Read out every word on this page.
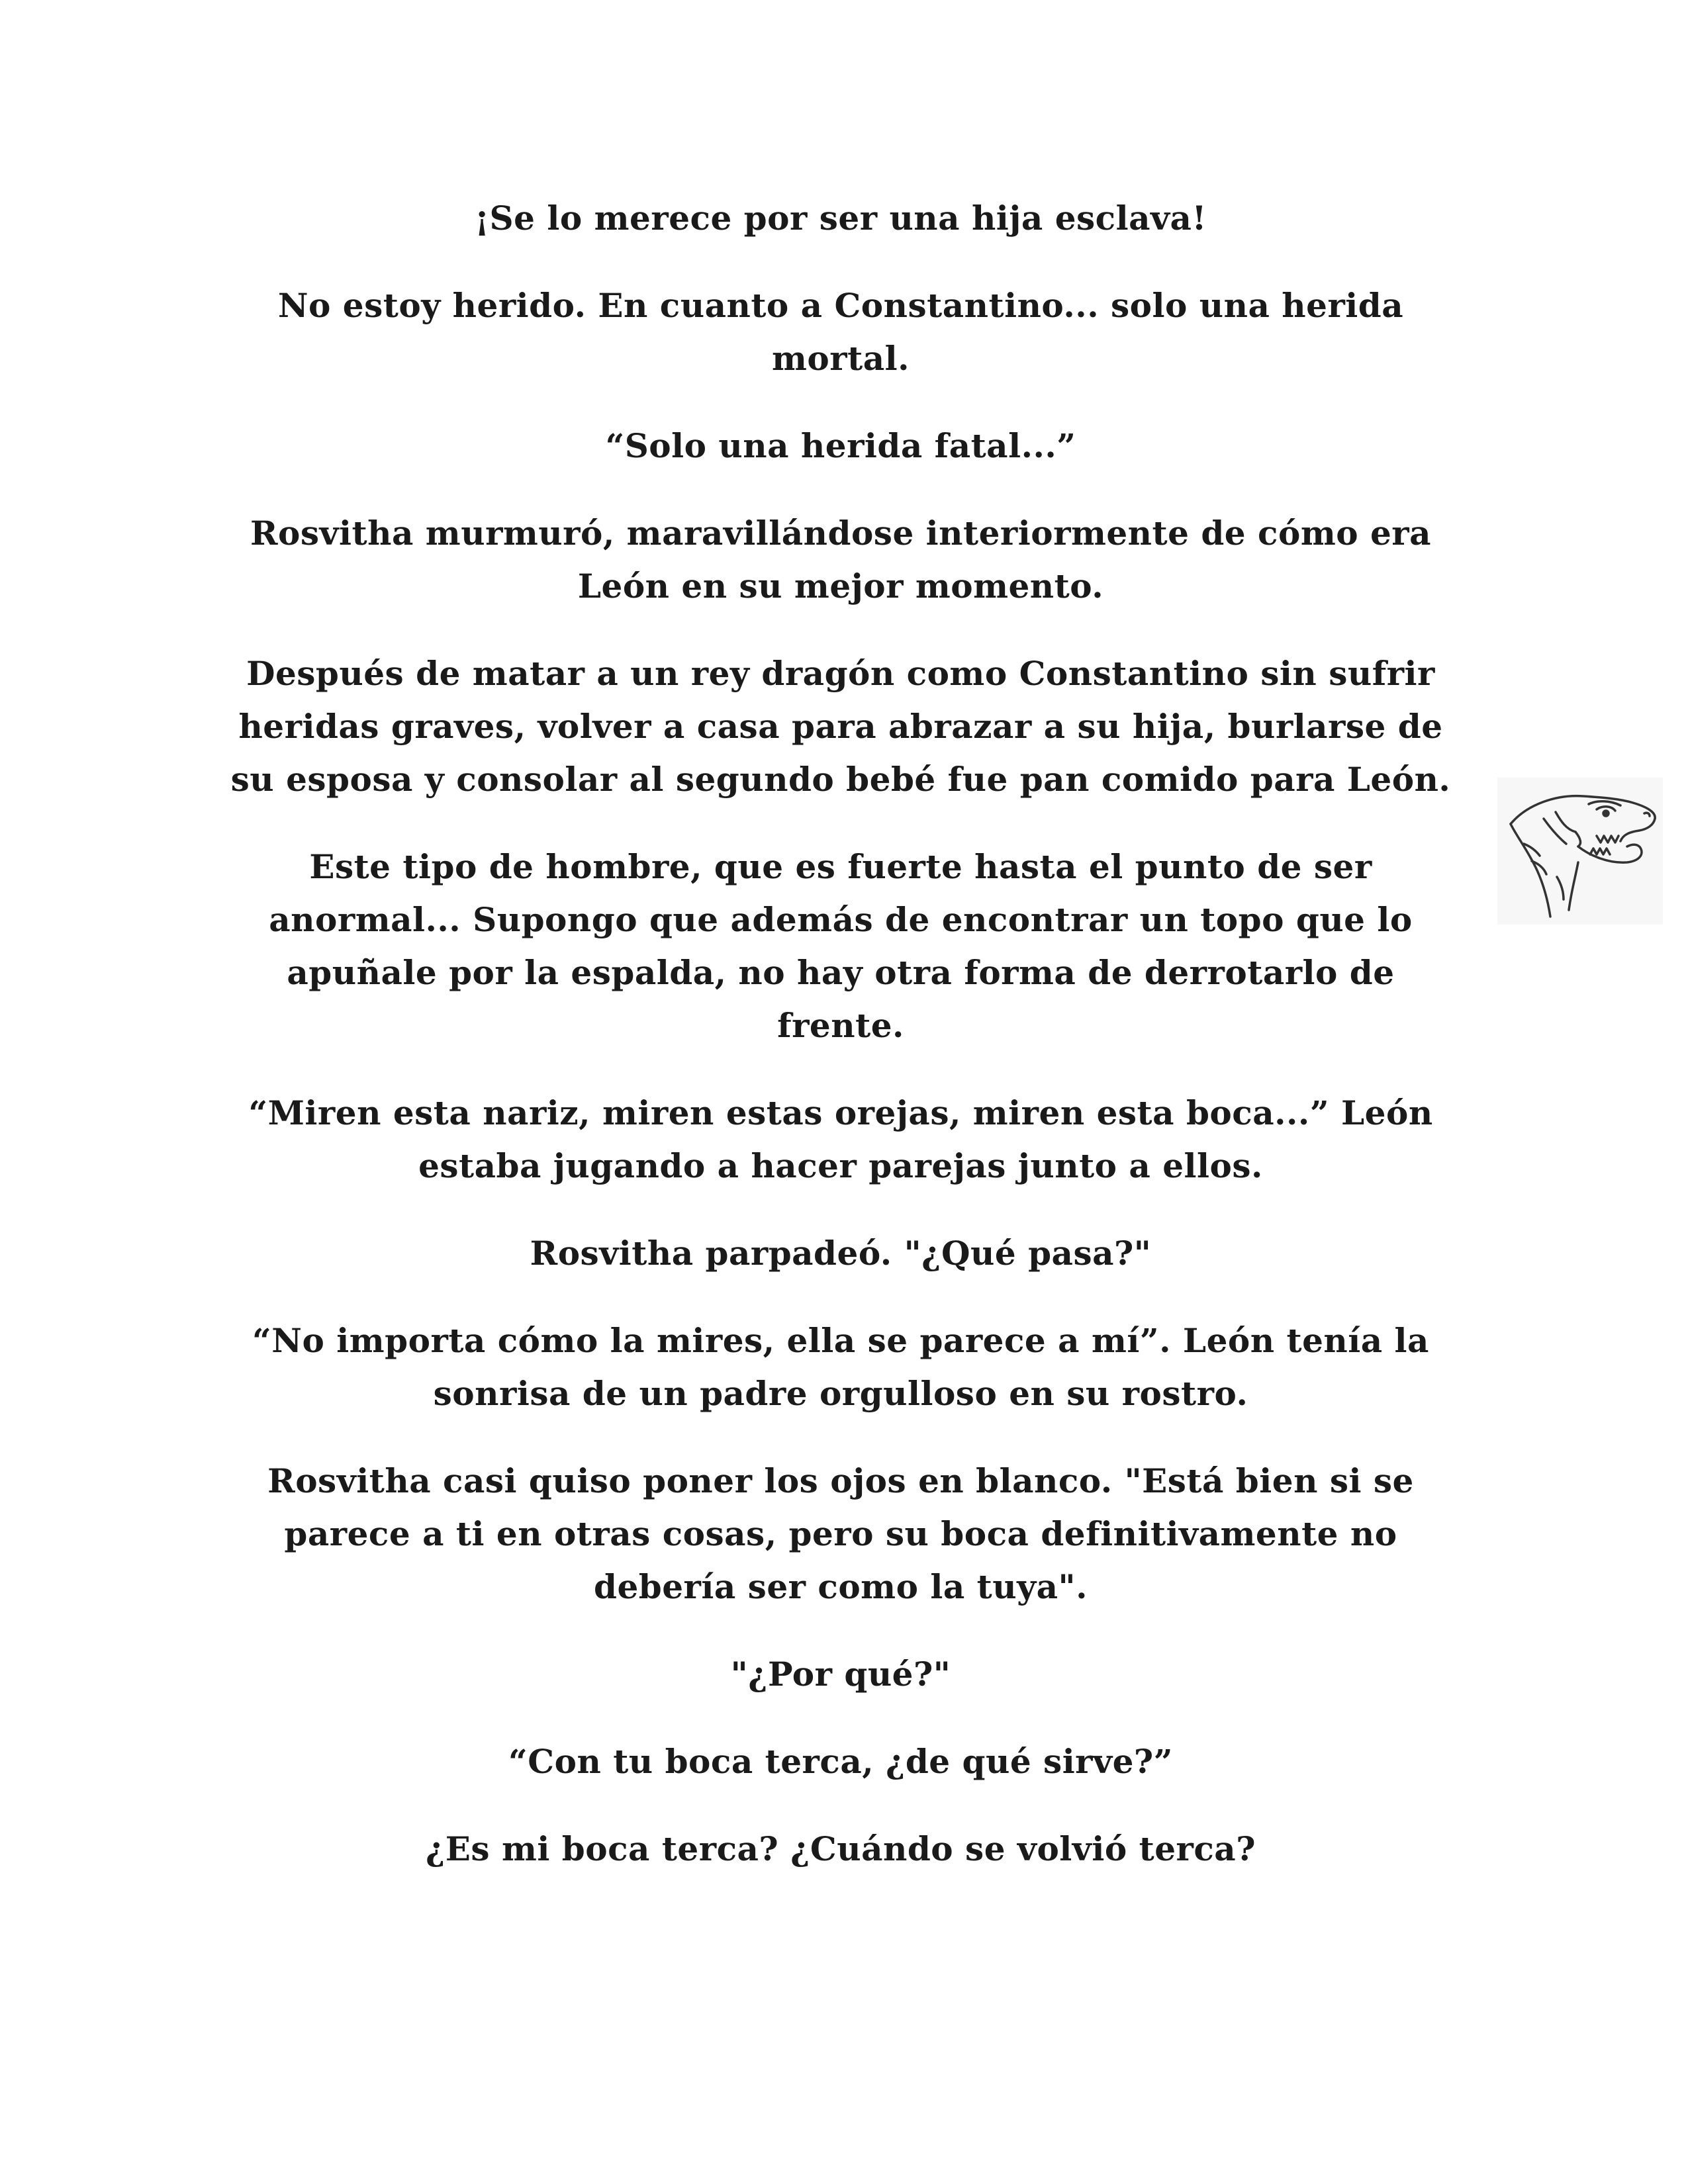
¡Se lo merece por ser una hija esclava!

No estoy herido. En cuanto a Constantino... solo una herida mortal.

“Solo una herida fatal...”

Rosvitha murmuró, maravillándose interiormente de cómo era León en su mejor momento.

Después de matar a un rey dragón como Constantino sin sufrir heridas graves, volver a casa para abrazar a su hija, burlarse de su esposa y consolar al segundo bebé fue pan comido para León.

Este tipo de hombre, que es fuerte hasta el punto de ser anormal... Supongo que además de encontrar un topo que lo apuñale por la espalda, no hay otra forma de derrotarlo de frente.

“Miren esta nariz, miren estas orejas, miren esta boca...” León estaba jugando a hacer parejas junto a ellos.

Rosvitha parpadeó. "¿Qué pasa?"

“No importa cómo la mires, ella se parece a mí”. León tenía la sonrisa de un padre orgulloso en su rostro.

Rosvitha casi quiso poner los ojos en blanco. "Está bien si se parece a ti en otras cosas, pero su boca definitivamente no debería ser como la tuya".

"¿Por qué?"

“Con tu boca terca, ¿de qué sirve?”

¿Es mi boca terca? ¿Cuándo se volvió terca?
